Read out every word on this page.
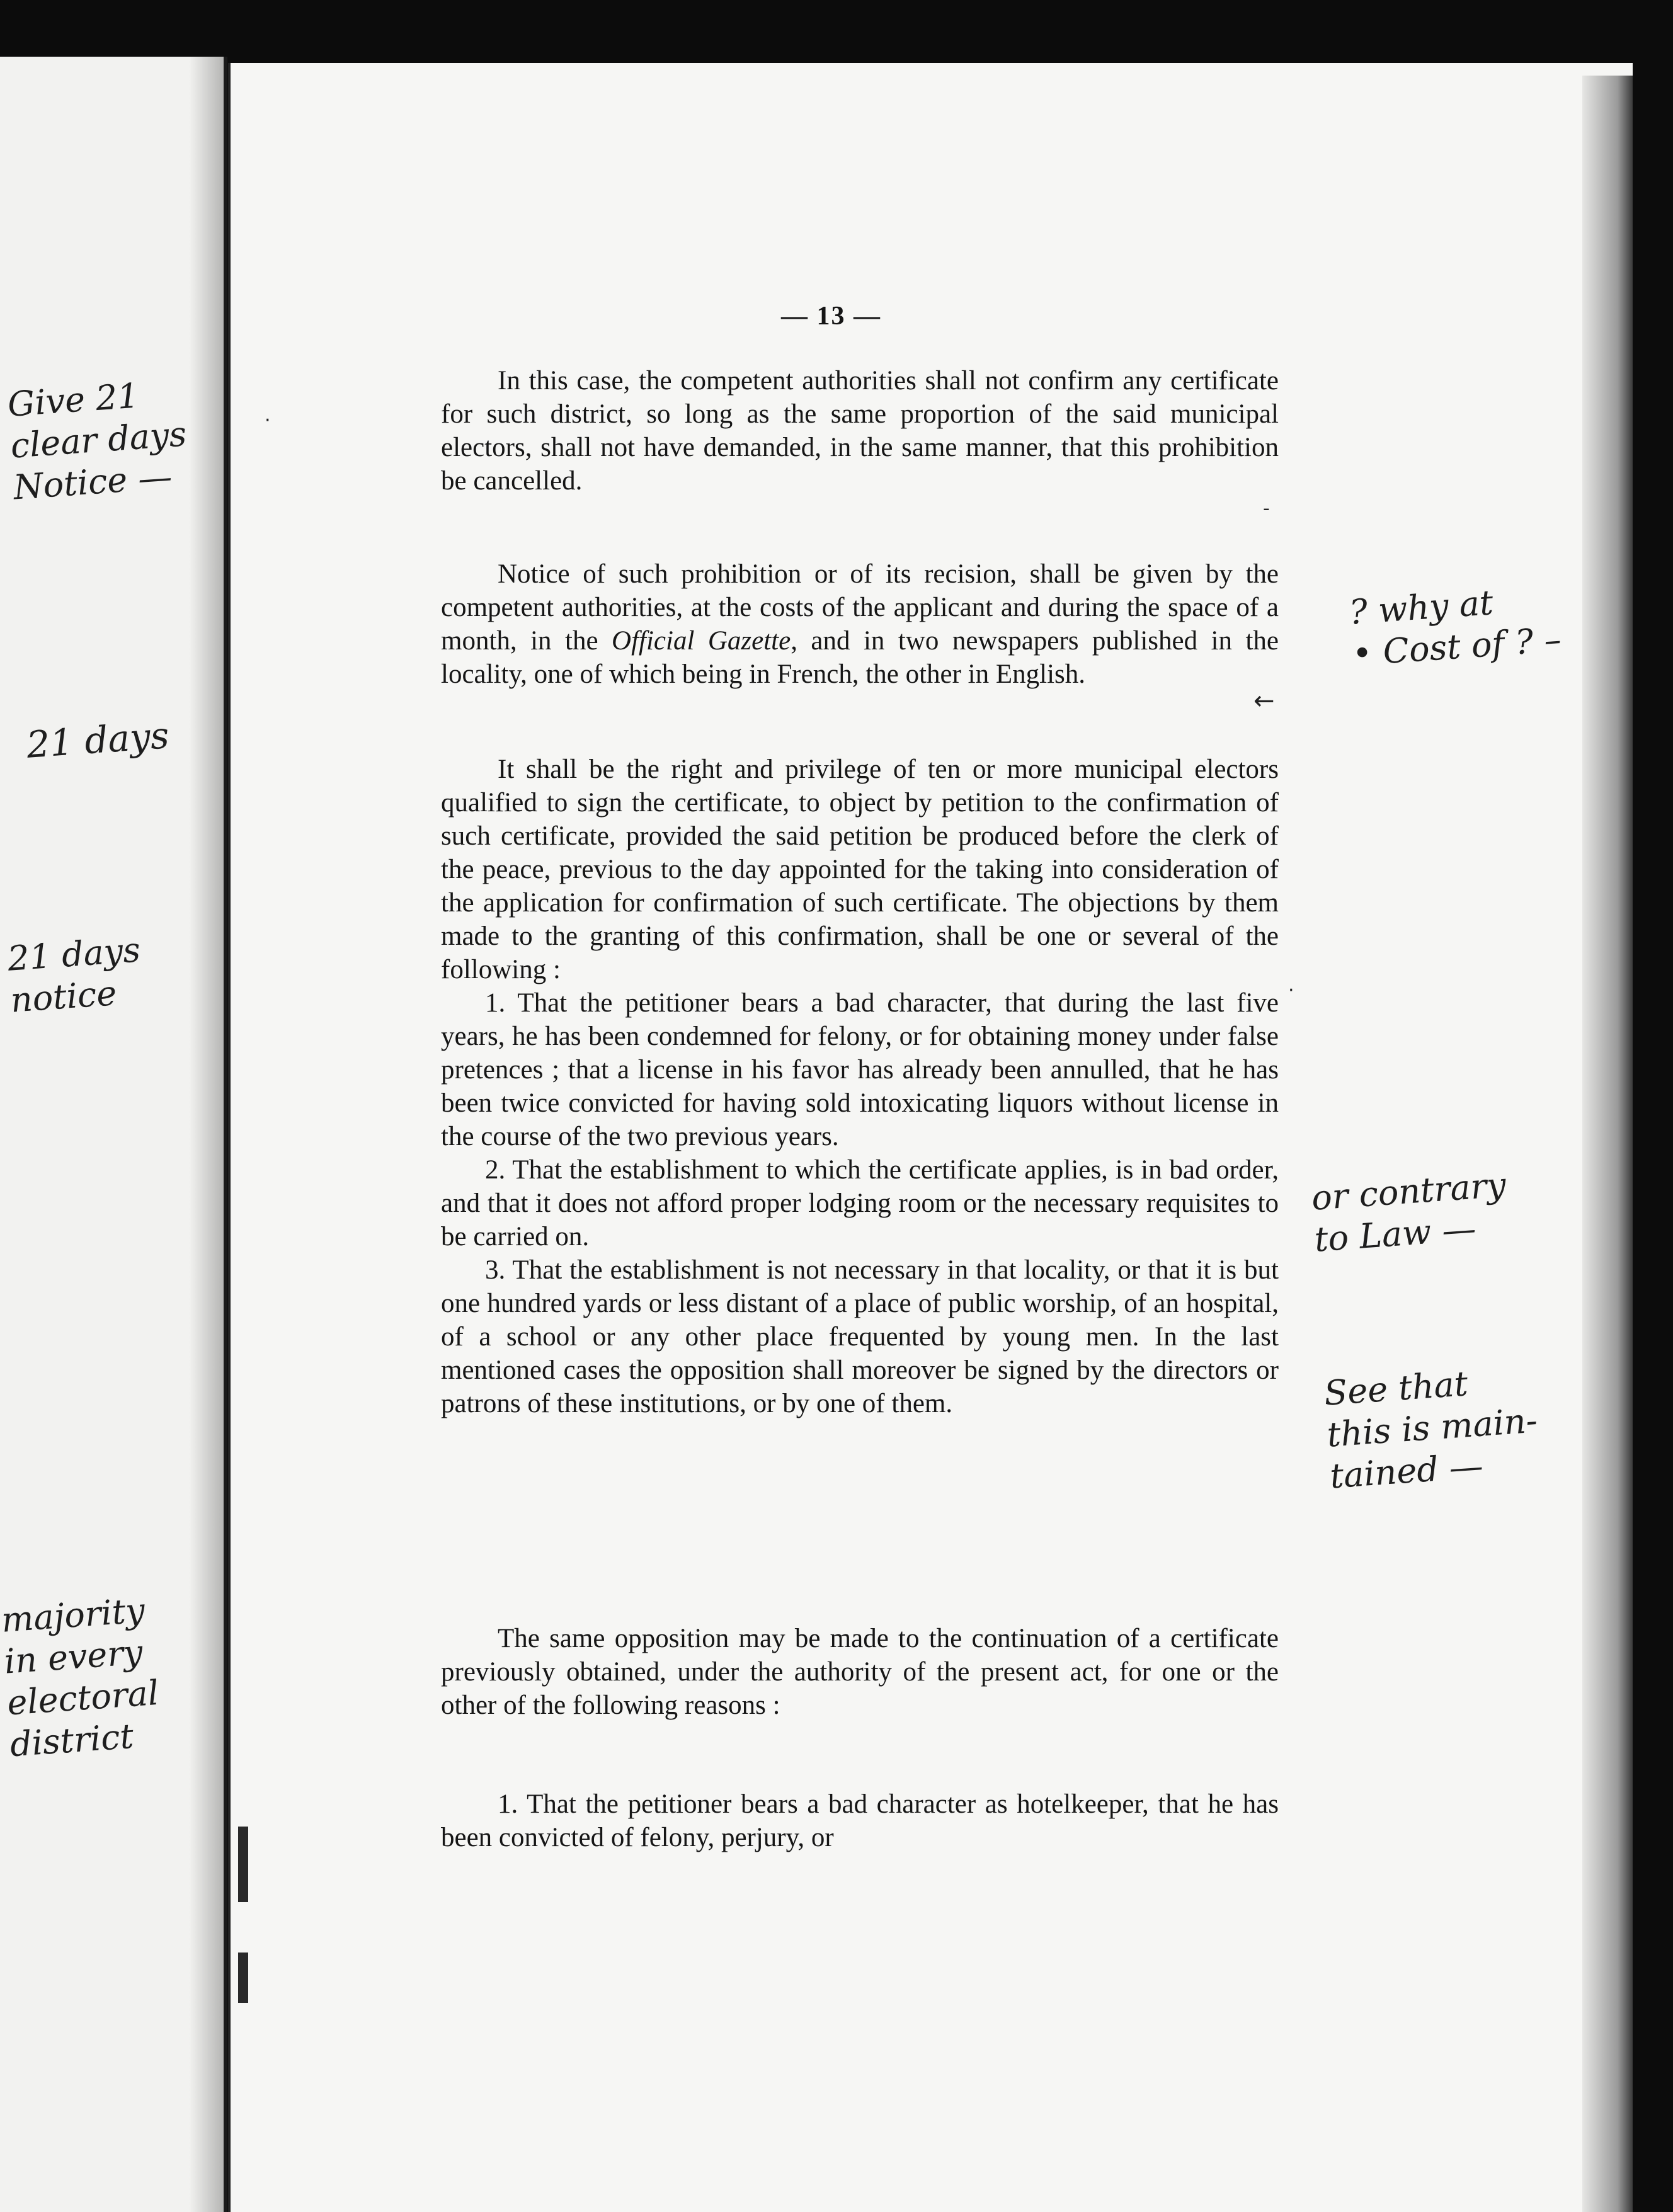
— 13 —

In this case, the competent authorities shall not confirm any certificate for such district, so long as the same proportion of the said municipal electors, shall not have demanded, in the same manner, that this prohibition be cancelled.

Notice of such prohibition or of its recision, shall be given by the competent authorities, at the costs of the applicant and during the space of a month, in the Official Gazette, and in two newspapers published in the locality, one of which being in French, the other in English.

It shall be the right and privilege of ten or more municipal electors qualified to sign the certificate, to object by petition to the confirmation of such certificate, provided the said petition be produced before the clerk of the peace, previous to the day appointed for the taking into consideration of the application for confirmation of such certificate. The objections by them made to the granting of this confirmation, shall be one or several of the following :

1. That the petitioner bears a bad character, that during the last five years, he has been condemned for felony, or for obtaining money under false pretences ; that a license in his favor has already been annulled, that he has been twice convicted for having sold intoxicating liquors without license in the course of the two previous years.

2. That the establishment to which the certificate applies, is in bad order, and that it does not afford proper lodging room or the necessary requisites to be carried on.

3. That the establishment is not necessary in that locality, or that it is but one hundred yards or less distant of a place of public worship, of an hospital, of a school or any other place frequented by young men. In the last mentioned cases the opposition shall moreover be signed by the directors or patrons of these institutions, or by one of them.

The same opposition may be made to the continuation of a certificate previously obtained, under the authority of the present act, for one or the other of the following reasons :

1. That the petitioner bears a bad character as hotelkeeper, that he has been convicted of felony, perjury, or

Give 21
clear days
Notice —
21 days
21 days
notice
majority
in every
electoral
district
? why at
• Cost of ? –
or contrary
to Law —
See that
this is main-
tained —
-
←
·
·
